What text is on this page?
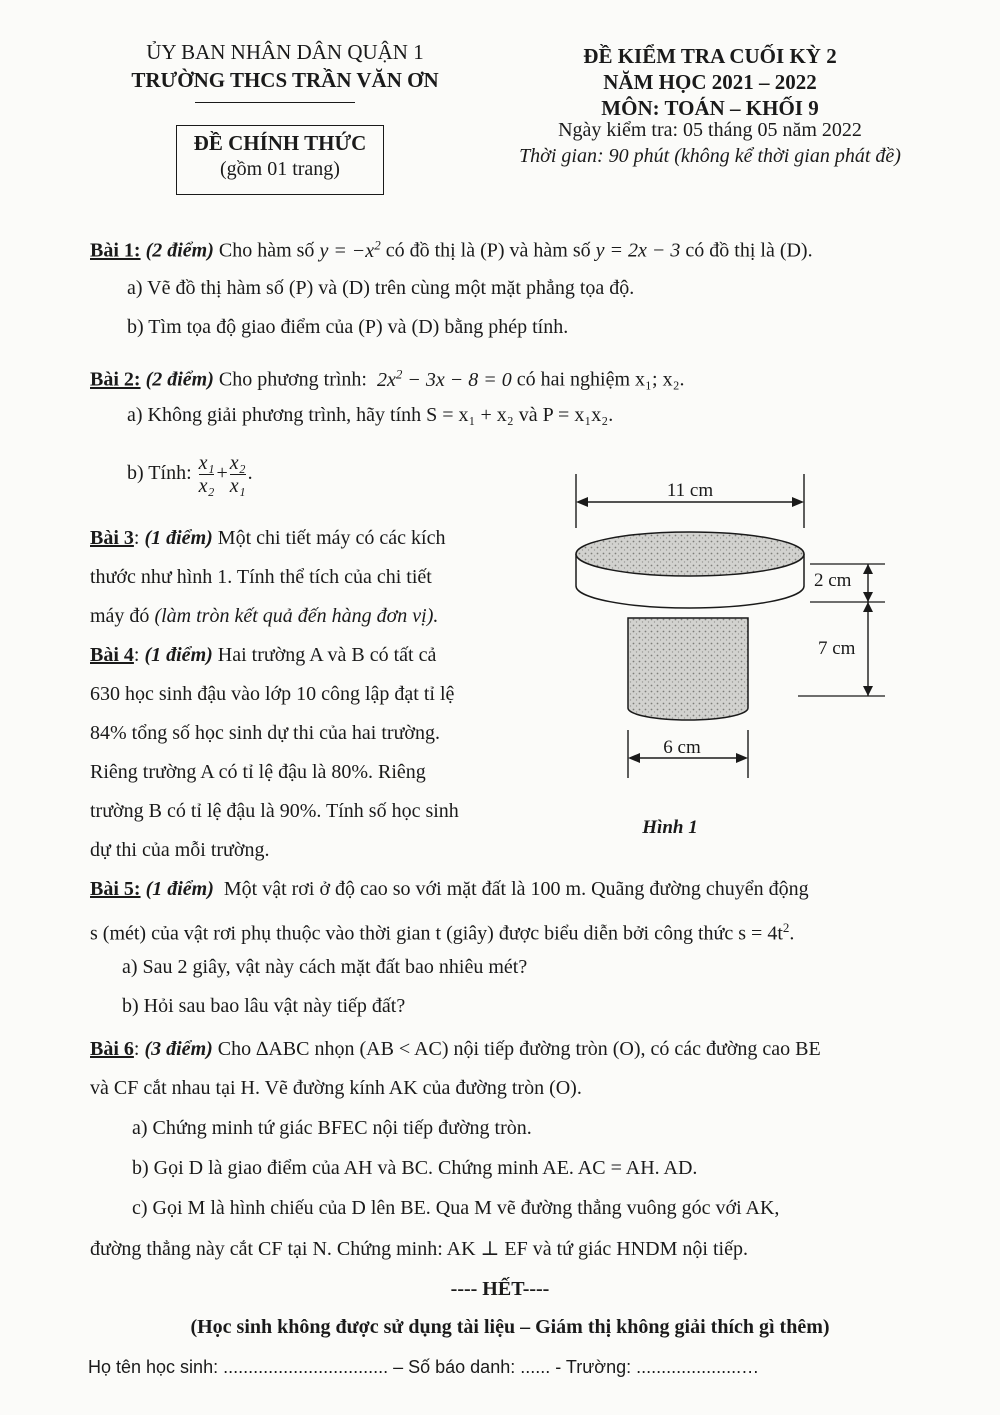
ỦY BAN NHÂN DÂN QUẬN 1
TRƯỜNG THCS TRẦN VĂN ƠN
ĐỀ CHÍNH THỨC
(gồm 01 trang)
ĐỀ KIỂM TRA CUỐI KỲ 2
NĂM HỌC 2021 – 2022
MÔN: TOÁN – KHỐI 9
Ngày kiểm tra: 05 tháng 05 năm 2022
Thời gian: 90 phút (không kể thời gian phát đề)
Bài 1: (2 điểm) Cho hàm số $y = -x^2$ có đồ thị là (P) và hàm số y = 2x − 3 có đồ thị là (D).
a) Vẽ đồ thị hàm số (P) và (D) trên cùng một mặt phẳng tọa độ.
b) Tìm tọa độ giao điểm của (P) và (D) bằng phép tính.
Bài 2: (2 điểm) Cho phương trình: $2x^2 - 3x - 8 = 0$ có hai nghiệm x₁; x₂.
a) Không giải phương trình, hãy tính S = x₁ + x₂ và P = x₁x₂.
b) Tính: $\frac{\text{x₁}}{\text{x₂}} + \frac{\text{x₂}}{\text{x₁}}$ .
Bài 3: (1 điểm) Một chi tiết máy có các kích
thước như hình 1. Tính thể tích của chi tiết
máy đó (làm tròn kết quả đến hàng đơn vị).
Bài 4: (1 điểm) Hai trường A và B có tất cả
630 học sinh đậu vào lớp 10 công lập đạt tỉ lệ
84% tổng số học sinh dự thi của hai trường.
Riêng trường A có tỉ lệ đậu là 80%. Riêng
trường B có tỉ lệ đậu là 90%. Tính số học sinh
dự thi của mỗi trường.
11 cm
2 cm
7 cm
6 cm
Hình 1
Bài 5: (1 điểm) Một vật rơi ở độ cao so với mặt đất là 100 m. Quãng đường chuyển động
s (mét) của vật rơi phụ thuộc vào thời gian t (giây) được biểu diễn bởi công thức $s = 4t^2$.
a) Sau 2 giây, vật này cách mặt đất bao nhiêu mét?
b) Hỏi sau bao lâu vật này tiếp đất?
Bài 6: (3 điểm) Cho ∆ABC nhọn (AB < AC) nội tiếp đường tròn (O), có các đường cao BE
và CF cắt nhau tại H. Vẽ đường kính AK của đường tròn (O).
a) Chứng minh tứ giác BFEC nội tiếp đường tròn.
b) Gọi D là giao điểm của AH và BC. Chứng minh AE. AC = AH. AD.
c) Gọi M là hình chiếu của D lên BE. Qua M vẽ đường thẳng vuông góc với AK,
đường thẳng này cắt CF tại N. Chứng minh: AK ⊥ EF và tứ giác HNDM nội tiếp.
---- HẾT----
(Học sinh không được sử dụng tài liệu – Giám thị không giải thích gì thêm)
Họ tên học sinh: ................................. – Số báo danh: ...... - Trường: .....................…
